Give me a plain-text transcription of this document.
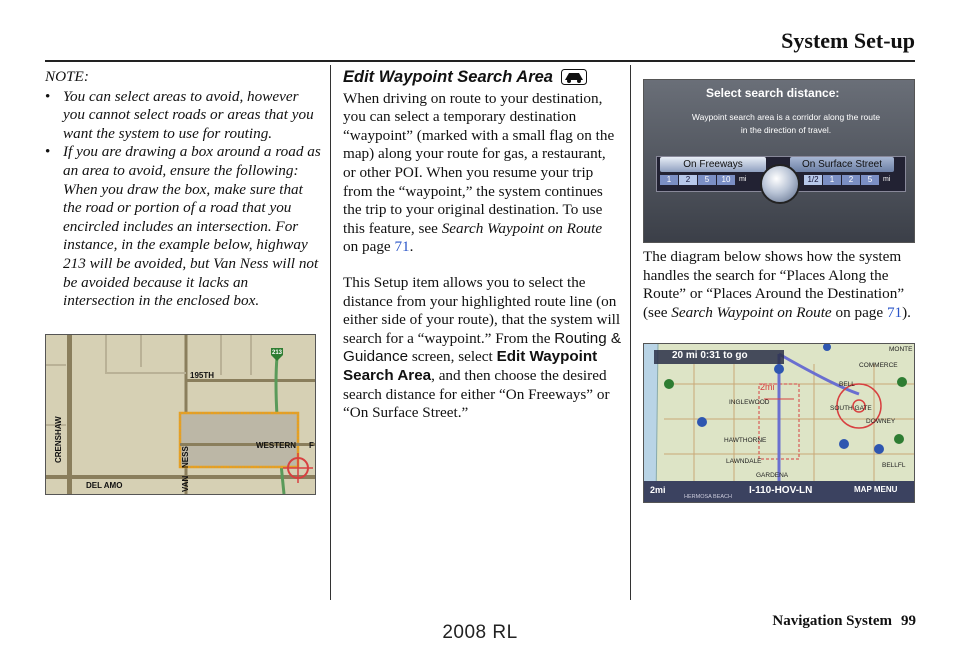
System Set-up
NOTE:
• You can select areas to avoid, however you cannot select roads or areas that you want the system to use for routing.
• If you are drawing a box around a road as an area to avoid, ensure the following: When you draw the box, make sure that the road or portion of a road that you encircled includes an intersection. For instance, in the example below, highway 213 will be avoided, but Van Ness will not be avoided because it lacks an intersection in the enclosed box.
195TH
WESTERN F
DEL AMO
213
CRENSHAW
VAN
NESS
Edit Waypoint Search Area

When driving on route to your destination, you can select a temporary destination “waypoint” (marked with a small flag on the map) along your route for gas, a restaurant, or other POI. When you resume your trip from the “waypoint,” the system continues the trip to your original destination. To use this feature, see Search Waypoint on Route on page 71.

This Setup item allows you to select the distance from your highlighted route line (on either side of your route), that the system will search for a “waypoint.” From the Routing & Guidance screen, select Edit Waypoint Search Area, and then choose the desired search distance for either “On Freeways” or “On Surface Street.”

Select search distance:
Waypoint search area is a corridor along the route
in the direction of travel.
On Freeways	On Surface Street
1	2	5	10	mi	1/2	1	2	5	mi

The diagram below shows how the system handles the search for “Places Along the Route” or “Places Around the Destination” (see Search Waypoint on Route on page 71).

20 mi 0:31 to go
2mi
2mi	I-110-HOV-LN	MAP MENU
INGLEWOOD
HAWTHORNE
LAWNDALE
GARDENA
COMMERCE
DOWNEY
BELL
SOUTH GATE
MONTE
BELLFL
HERMOSA BEACH
Navigation System 99
2008 RL
